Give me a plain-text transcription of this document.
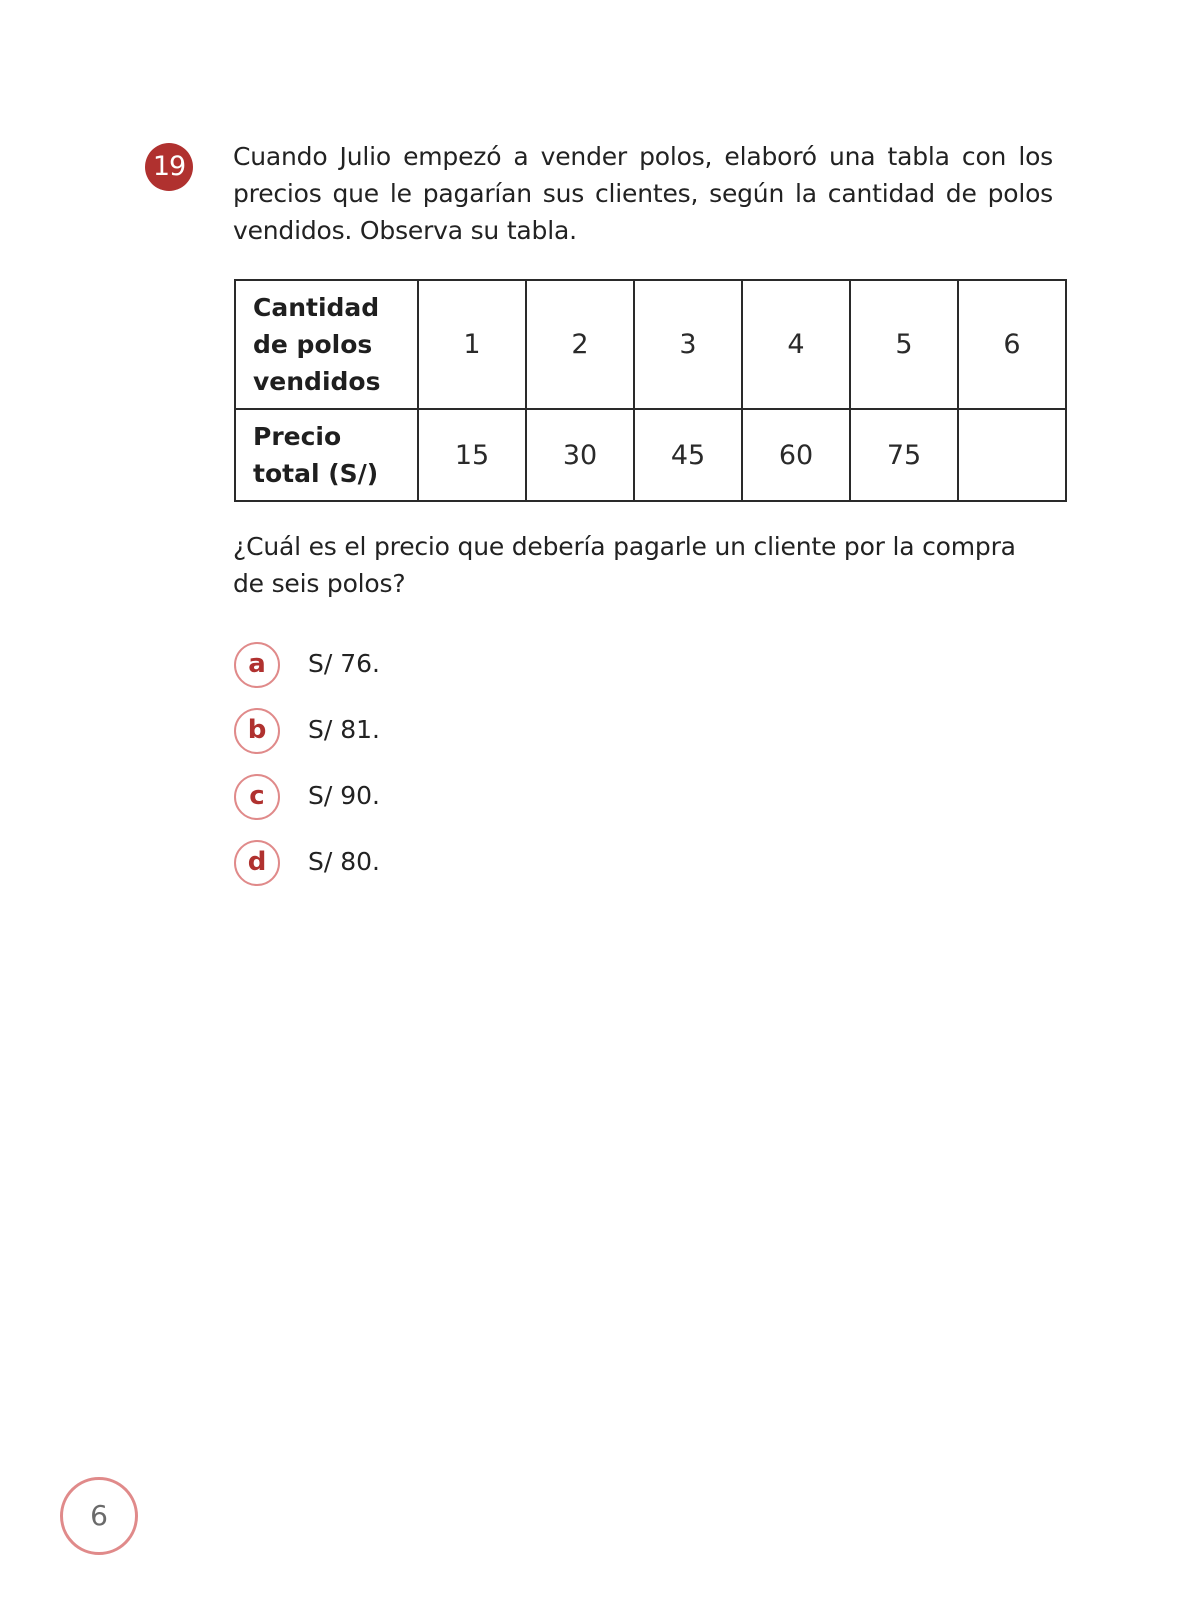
19	Cuando Julio empezó a vender polos, elaboró una tabla con los precios que le pagarían sus clientes, según la cantidad de polos vendidos. Observa su tabla.

Cantidad
de polos
vendidos	1	2	3	4	5	6

Precio
total (S/)	15	30	45	60	75	

¿Cuál es el precio que debería pagarle un cliente por la compra de seis polos?

a	S/ 76.
b	S/ 81.
c	S/ 90.
d	S/ 80.
6
